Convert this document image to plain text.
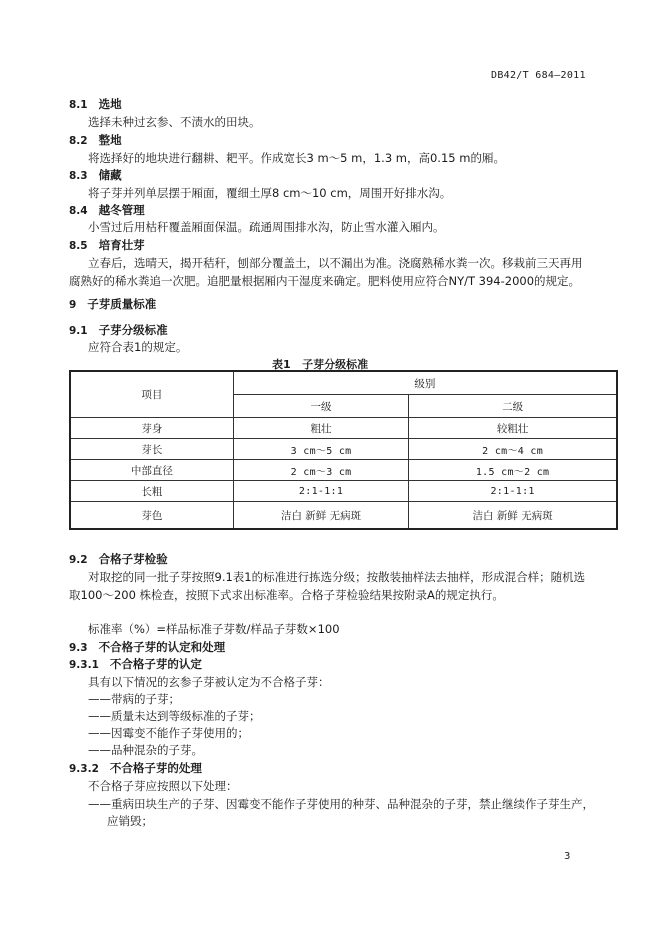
DB42/T 684—2011
8.1 选地
选择未种过玄参、不渍水的田块。
8.2 整地
将选择好的地块进行翻耕、耙平。作成宽长3 m～5 m，1.3 m，高0.15 m的厢。
8.3 储藏
将子芽并列单层摆于厢面，覆细土厚8 cm～10 cm，周围开好排水沟。
8.4 越冬管理
小雪过后用枯秆覆盖厢面保温。疏通周围排水沟，防止雪水灌入厢内。
8.5 培育壮芽
立春后，选晴天，揭开秸秆，刨部分覆盖土，以不漏出为准。浇腐熟稀水粪一次。移栽前三天再用
腐熟好的稀水粪追一次肥。追肥量根据厢内干湿度来确定。肥料使用应符合NY/T 394-2000的规定。
9 子芽质量标准
9.1 子芽分级标准
应符合表1的规定。
表1 子芽分级标准
项目	级别	
	一级	二级
芽身	粗壮	较粗壮
芽长	3 cm～5 cm	2 cm～4 cm
中部直径	2 cm～3 cm	1.5 cm～2 cm
长粗	2:1-1:1	2:1-1:1
芽色	洁白 新鲜 无病斑	洁白 新鲜 无病斑
9.2 合格子芽检验
对取挖的同一批子芽按照9.1表1的标准进行拣选分级；按散装抽样法去抽样，形成混合样；随机选
取100～200 株检查，按照下式求出标准率。合格子芽检验结果按附录A的规定执行。
标准率（%）=样品标准子芽数/样品子芽数×100
9.3 不合格子芽的认定和处理
9.3.1 不合格子芽的认定
具有以下情况的玄参子芽被认定为不合格子芽：
——带病的子芽；
——质量未达到等级标准的子芽；
——因霉变不能作子芽使用的；
——品种混杂的子芽。
9.3.2 不合格子芽的处理
不合格子芽应按照以下处理：
——重病田块生产的子芽、因霉变不能作子芽使用的种芽、品种混杂的子芽，禁止继续作子芽生产，
应销毁；
3
